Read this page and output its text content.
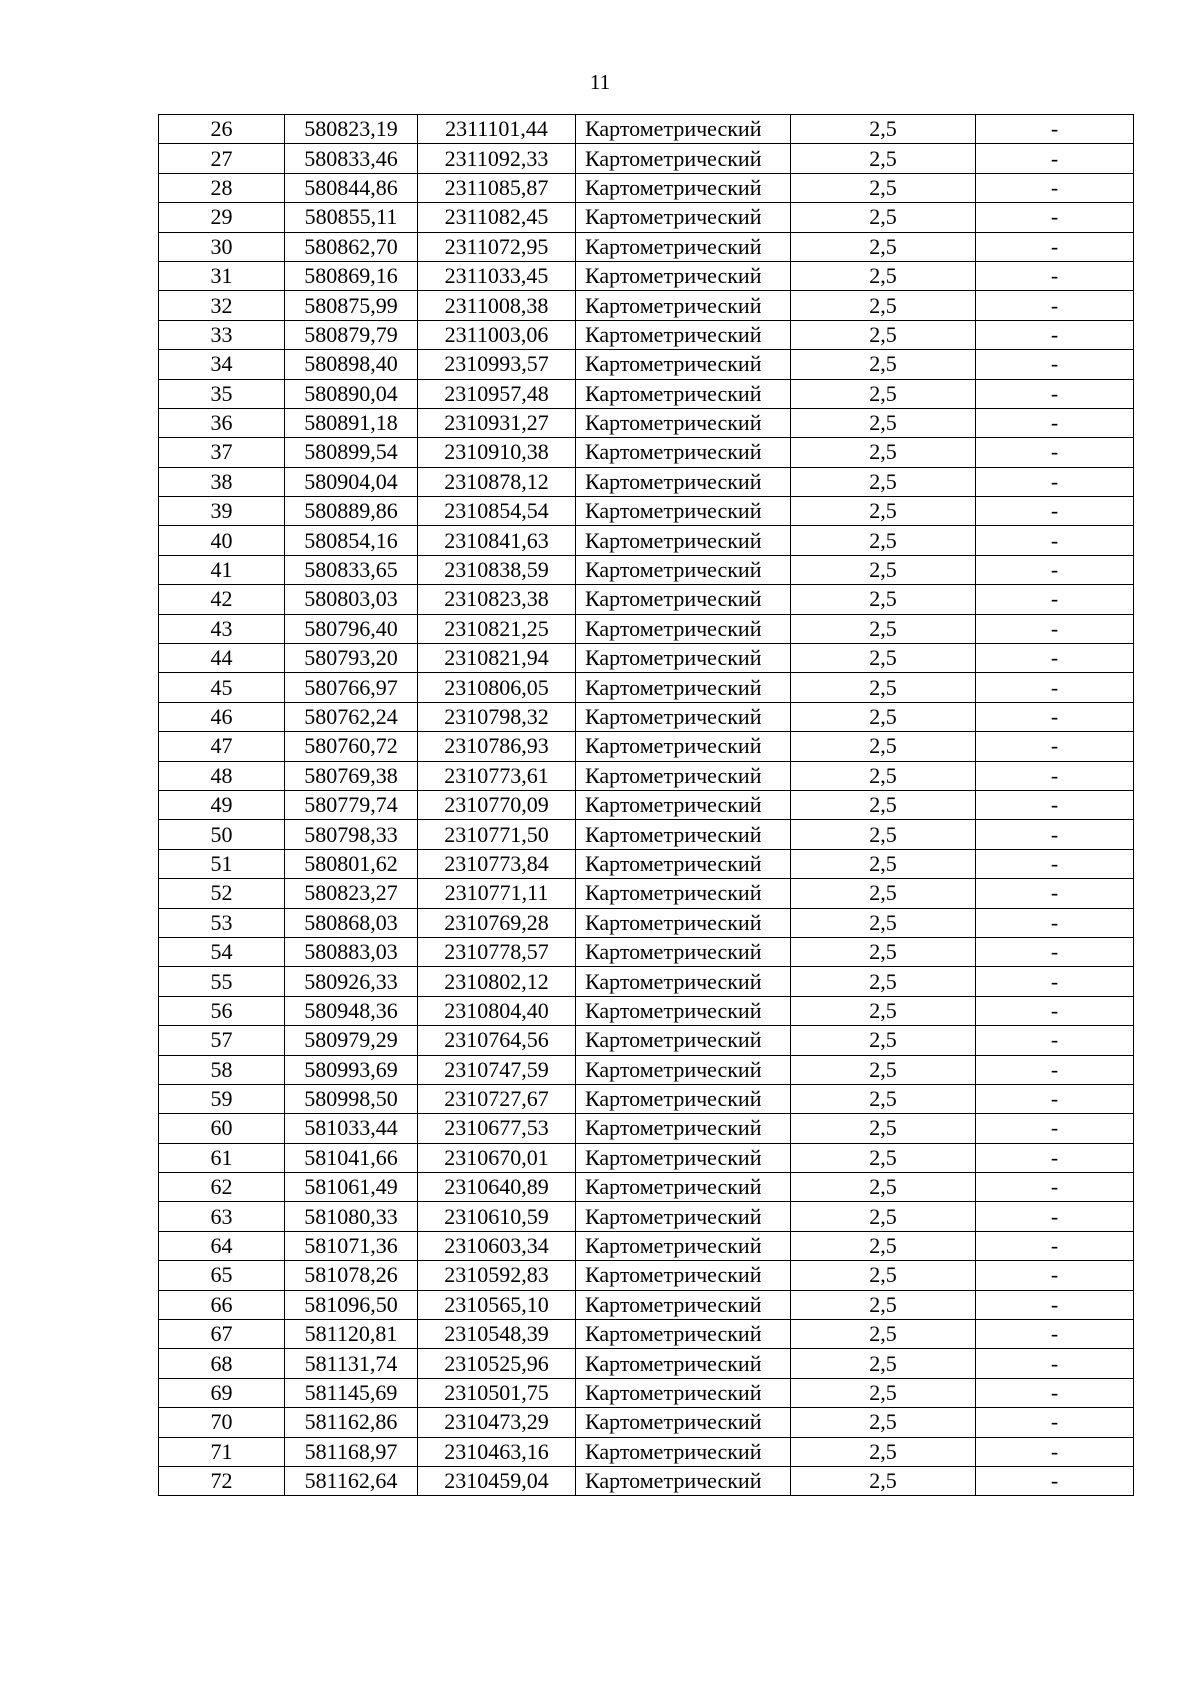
11
26	580823,19	2311101,44	Картометрический	2,5	-
27	580833,46	2311092,33	Картометрический	2,5	-
28	580844,86	2311085,87	Картометрический	2,5	-
29	580855,11	2311082,45	Картометрический	2,5	-
30	580862,70	2311072,95	Картометрический	2,5	-
31	580869,16	2311033,45	Картометрический	2,5	-
32	580875,99	2311008,38	Картометрический	2,5	-
33	580879,79	2311003,06	Картометрический	2,5	-
34	580898,40	2310993,57	Картометрический	2,5	-
35	580890,04	2310957,48	Картометрический	2,5	-
36	580891,18	2310931,27	Картометрический	2,5	-
37	580899,54	2310910,38	Картометрический	2,5	-
38	580904,04	2310878,12	Картометрический	2,5	-
39	580889,86	2310854,54	Картометрический	2,5	-
40	580854,16	2310841,63	Картометрический	2,5	-
41	580833,65	2310838,59	Картометрический	2,5	-
42	580803,03	2310823,38	Картометрический	2,5	-
43	580796,40	2310821,25	Картометрический	2,5	-
44	580793,20	2310821,94	Картометрический	2,5	-
45	580766,97	2310806,05	Картометрический	2,5	-
46	580762,24	2310798,32	Картометрический	2,5	-
47	580760,72	2310786,93	Картометрический	2,5	-
48	580769,38	2310773,61	Картометрический	2,5	-
49	580779,74	2310770,09	Картометрический	2,5	-
50	580798,33	2310771,50	Картометрический	2,5	-
51	580801,62	2310773,84	Картометрический	2,5	-
52	580823,27	2310771,11	Картометрический	2,5	-
53	580868,03	2310769,28	Картометрический	2,5	-
54	580883,03	2310778,57	Картометрический	2,5	-
55	580926,33	2310802,12	Картометрический	2,5	-
56	580948,36	2310804,40	Картометрический	2,5	-
57	580979,29	2310764,56	Картометрический	2,5	-
58	580993,69	2310747,59	Картометрический	2,5	-
59	580998,50	2310727,67	Картометрический	2,5	-
60	581033,44	2310677,53	Картометрический	2,5	-
61	581041,66	2310670,01	Картометрический	2,5	-
62	581061,49	2310640,89	Картометрический	2,5	-
63	581080,33	2310610,59	Картометрический	2,5	-
64	581071,36	2310603,34	Картометрический	2,5	-
65	581078,26	2310592,83	Картометрический	2,5	-
66	581096,50	2310565,10	Картометрический	2,5	-
67	581120,81	2310548,39	Картометрический	2,5	-
68	581131,74	2310525,96	Картометрический	2,5	-
69	581145,69	2310501,75	Картометрический	2,5	-
70	581162,86	2310473,29	Картометрический	2,5	-
71	581168,97	2310463,16	Картометрический	2,5	-
72	581162,64	2310459,04	Картометрический	2,5	-
